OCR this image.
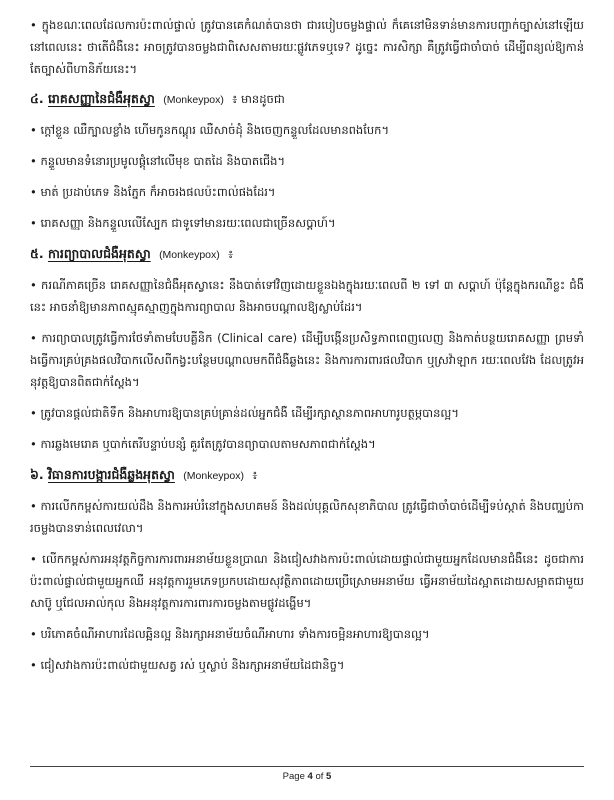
• ក្នុងខណៈពេលដែលការប៉ះពាល់ផ្ទាល់ ត្រូវបានគេកំណត់បានថា ជារបៀបចម្លងផ្ទាល់ ក៏គេនៅមិនទាន់មានការបញ្ជាក់ច្បាស់នៅឡើយនៅពេលនេះ ថាតើជំងឺនេះ អាចត្រូវបានចម្លងជាពិសេសតាមរយៈផ្លូវភេទឬទេ? ដូច្នេះ ការសិក្សា គឺត្រូវធ្វើជាចាំបាច់ ដើម្បីពន្យល់ឱ្យកាន់តែច្បាស់ពីហានិភ័យនេះ។

៤. រោគសញ្ញានៃជំងឺអុតស្វា (Monkeypox) ៖ មានដូចជា
• ក្តៅខ្លួន ឈឺក្បាលខ្លាំង ហើមកូនកណ្តុរ ឈឺសាច់ដុំ និងចេញកន្ទួលដែលមានពងបែក។
• កន្ទួលមានទំនោរប្រមូលផ្តុំនៅលើមុខ បាតដៃ និងបាតជើង។
• មាត់ ប្រដាប់ភេទ និងភ្នែក ក៏អាចរងផលប៉ះពាល់ផងដែរ។
• រោគសញ្ញា និងកន្ទួលលើស្បែក ជាទូទៅមានរយៈពេលជាច្រើនសប្តាហ៍។
៥. ការព្យាបាលជំងឺអុតស្វា (Monkeypox) ៖
• ករណីភាគច្រើន រោគសញ្ញានៃជំងឺអុតស្វានេះ នឹងបាត់ទៅវិញដោយខ្លួនឯងក្នុងរយៈពេលពី ២ ទៅ ៣ សប្តាហ៍ ប៉ុន្តែក្នុងករណីខ្លះ ជំងឺនេះ អាចនាំឱ្យមានភាពស្មុគស្មាញក្នុងការព្យាបាល និងអាចបណ្តាលឱ្យស្លាប់ដែរ។
• ការព្យាបាលត្រូវធ្វើការថែទាំតាមបែបគ្លីនិក (Clinical care) ដើម្បីបង្កើនប្រសិទ្ធភាពពេញលេញ និងកាត់បន្ថយរោគសញ្ញា ព្រមទាំងធ្វើការគ្រប់គ្រងផលវិបាកលើសពីកង្វះបន្ថែមបណ្តាលមកពីជំងឺឆ្លងនេះ និងការការពារផលវិបាក ឬស្រវ៉ាឡាក រយៈពេលវែង ដែលត្រូវអនុវត្តឱ្យបានពិតជាក់ស្តែង។
• ត្រូវបានផ្តល់ជាតិទឹក និងអាហារឱ្យបានគ្រប់គ្រាន់ដល់អ្នកជំងឺ ដើម្បីរក្សាស្ថានភាពអាហារូបត្ថម្ភបានល្អ។
• ការឆ្លងមេរោគ ឬបាក់តេរីបន្ទាប់បន្សំ គួរតែត្រូវបានព្យាបាលតាមសភាពជាក់ស្តែង។
៦. វិធានការបង្ការជំងឺឆ្លងអុតស្វា (Monkeypox) ៖
• ការលើកកម្ពស់ការយល់ដឹង និងការអប់រំនៅក្នុងសហគមន៍ និងដល់បុគ្គលិកសុខាភិបាល ត្រូវធ្វើជាចាំបាច់ដើម្បីទប់ស្កាត់ និងបញ្ឈប់ការចម្លងបានទាន់ពេលវេលា។
• លើកកម្ពស់ការអនុវត្តកិច្ចការការពារអនាម័យខ្លួនប្រាណ និងជៀសវាងការប៉ះពាល់ដោយផ្ទាល់ជាមួយអ្នកដែលមានជំងឺនេះ ដូចជាការប៉ះពាល់ផ្ទាល់ជាមួយអ្នកឈឺ អនុវត្តការរួមភេទប្រកបដោយសុវត្ថិភាពដោយប្រើស្រោមអនាម័យ ធ្វើអនាម័យដៃស្អាតដោយសម្អាតជាមួយសាប៊ូ ឬជែលអាល់កុល និងអនុវត្តការការពារការចម្លងតាមផ្លូវដង្ហើម។
• បរិភោគចំណីអាហារដែលឆ្អិនល្អ និងរក្សាអនាម័យចំណីអាហារ ទាំងការចម្អិនអាហារឱ្យបានល្អ។
• ជៀសវាងការប៉ះពាល់ជាមួយសត្វ រស់ ឬស្លាប់ និងរក្សាអនាម័យដៃជានិច្ច។
Page 4 of 5
